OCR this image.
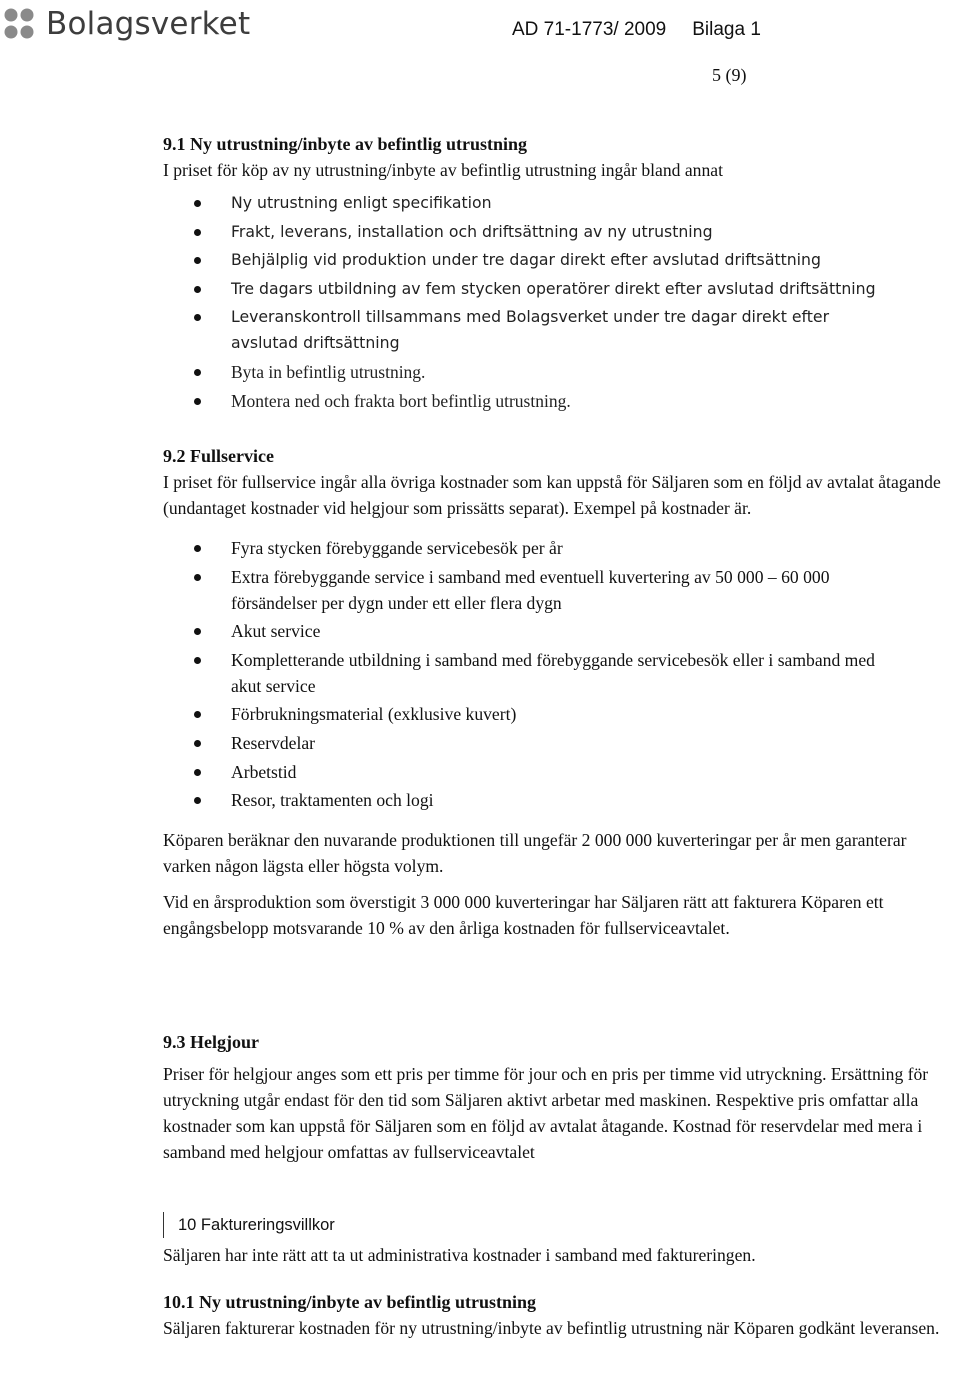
Bolagsverket	AD 71-1773/ 2009 Bilaga 1
5 (9)
9.1 Ny utrustning/inbyte av befintlig utrustning

I priset för köp av ny utrustning/inbyte av befintlig utrustning ingår bland annat

Ny utrustning enligt specifikation
Frakt, leverans, installation och driftsättning av ny utrustning
Behjälplig vid produktion under tre dagar direkt efter avslutad driftsättning
Tre dagars utbildning av fem stycken operatörer direkt efter avslutad driftsättning
Leveranskontroll tillsammans med Bolagsverket under tre dagar direkt efter avslutad driftsättning
Byta in befintlig utrustning.
Montera ned och frakta bort befintlig utrustning.
9.2 Fullservice

I priset för fullservice ingår alla övriga kostnader som kan uppstå för Säljaren som en följd av avtalat åtagande (undantaget kostnader vid helgjour som prissätts separat). Exempel på kostnader är.

Fyra stycken förebyggande servicebesök per år
Extra förebyggande service i samband med eventuell kuvertering av 50 000 – 60 000 försändelser per dygn under ett eller flera dygn
Akut service
Kompletterande utbildning i samband med förebyggande servicebesök eller i samband med akut service
Förbrukningsmaterial (exklusive kuvert)
Reservdelar
Arbetstid
Resor, traktamenten och logi

Köparen beräknar den nuvarande produktionen till ungefär 2 000 000 kuverteringar per år men garanterar varken någon lägsta eller högsta volym.

Vid en årsproduktion som överstigit 3 000 000 kuverteringar har Säljaren rätt att fakturera Köparen ett engångsbelopp motsvarande 10 % av den årliga kostnaden för fullserviceavtalet.

9.3 Helgjour

Priser för helgjour anges som ett pris per timme för jour och en pris per timme vid utryckning. Ersättning för utryckning utgår endast för den tid som Säljaren aktivt arbetar med maskinen. Respektive pris omfattar alla kostnader som kan uppstå för Säljaren som en följd av avtalat åtagande. Kostnad för reservdelar med mera i samband med helgjour omfattas av fullserviceavtalet

10 Faktureringsvillkor

Säljaren har inte rätt att ta ut administrativa kostnader i samband med faktureringen.

10.1 Ny utrustning/inbyte av befintlig utrustning

Säljaren fakturerar kostnaden för ny utrustning/inbyte av befintlig utrustning när Köparen godkänt leveransen.
